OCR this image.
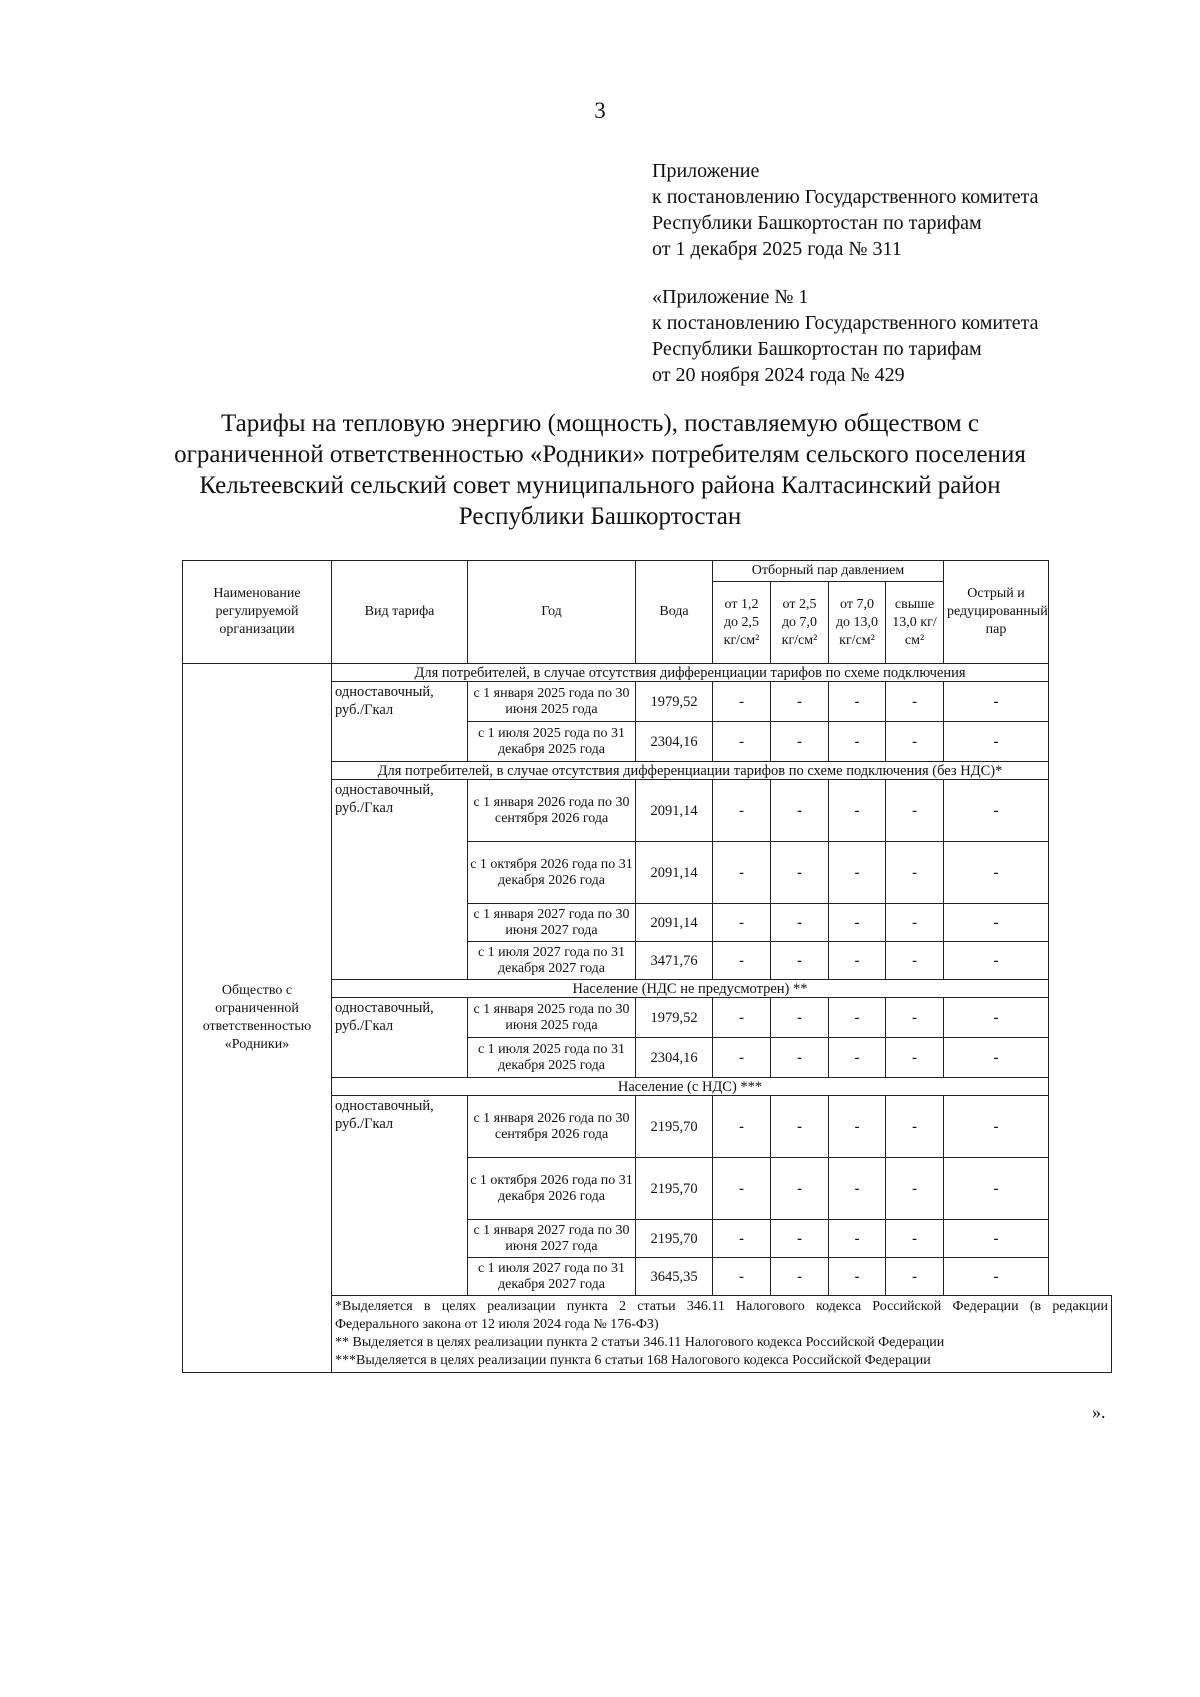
3
Приложение
к постановлению Государственного комитета
Республики Башкортостан по тарифам
от 1 декабря 2025 года № 311
«Приложение № 1
к постановлению Государственного комитета
Республики Башкортостан по тарифам
от 20 ноября 2024 года № 429
Тарифы на тепловую энергию (мощность), поставляемую обществом с
ограниченной ответственностью «Родники» потребителям сельского поселения
Кельтеевский сельский совет муниципального района Калтасинский район
Республики Башкортостан
Наименование регулируемой организации	Вид тарифа	Год	Вода	Отборный пар давлением				Острый и редуцированный пар
				от 1,2 до 2,5 кг/см²	от 2,5 до 7,0 кг/см²	от 7,0 до 13,0 кг/см²	свыше 13,0 кг/см²	
Общество с ограниченной ответственностью «Родники»	Для потребителей, в случае отсутствия дифференциации тарифов по схеме подключения							
	одноставочный, руб./Гкал	с 1 января 2025 года по 30 июня 2025 года	1979,52	-	-	-	-	-
		с 1 июля 2025 года по 31 декабря 2025 года	2304,16	-	-	-	-	-
	Для потребителей, в случае отсутствия дифференциации тарифов по схеме подключения (без НДС)*							
	одноставочный, руб./Гкал	с 1 января 2026 года по 30 сентября 2026 года	2091,14	-	-	-	-	-
		с 1 октября 2026 года по 31 декабря 2026 года	2091,14	-	-	-	-	-
		с 1 января 2027 года по 30 июня 2027 года	2091,14	-	-	-	-	-
		с 1 июля 2027 года по 31 декабря 2027 года	3471,76	-	-	-	-	-
	Население (НДС не предусмотрен) **							
	одноставочный, руб./Гкал	с 1 января 2025 года по 30 июня 2025 года	1979,52	-	-	-	-	-
		с 1 июля 2025 года по 31 декабря 2025 года	2304,16	-	-	-	-	-
	Население (с НДС) ***							
	одноставочный, руб./Гкал	с 1 января 2026 года по 30 сентября 2026 года	2195,70	-	-	-	-	-
		с 1 октября 2026 года по 31 декабря 2026 года	2195,70	-	-	-	-	-
		с 1 января 2027 года по 30 июня 2027 года	2195,70	-	-	-	-	-
		с 1 июля 2027 года по 31 декабря 2027 года	3645,35	-	-	-	-	-

	*Выделяется в целях реализации пункта 2 статьи 346.11 Налогового кодекса Российской Федерации (в редакции
Федерального закона от 12 июля 2024 года № 176-ФЗ)
** Выделяется в целях реализации пункта 2 статьи 346.11 Налогового кодекса Российской Федерации
***Выделяется в целях реализации пункта 6 статьи 168 Налогового кодекса Российской Федерации							
».
